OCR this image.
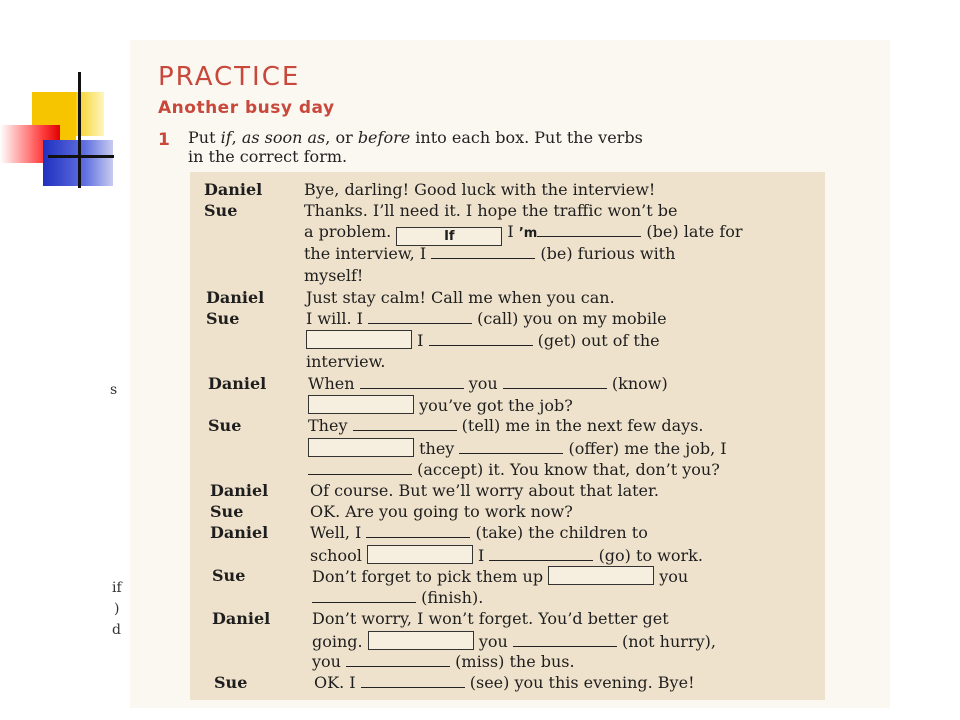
s
if
)
d
PRACTICE
Another busy day
1 Put if, as soon as, or before into each box. Put the verbs
in the correct form.
Daniel	Bye, darling! Good luck with the interview!
Sue	Thanks. I’ll need it. I hope the traffic won’t be
a problem.	If	I ’m	(be) late for
the interview, I	(be) furious with
myself!
Daniel	Just stay calm! Call me when you can.
Sue	I will. I	(call) you on my mobile
I	(get) out of the
interview.
Daniel	When	you	(know)
you’ve got the job?
Sue	They	(tell) me in the next few days.
they	(offer) me the job, I
(accept) it. You know that, don’t you?
Daniel	Of course. But we’ll worry about that later.
Sue	OK. Are you going to work now?
Daniel	Well, I	(take) the children to
school	I	(go) to work.
Sue	Don’t forget to pick them up	you
(finish).
Daniel	Don’t worry, I won’t forget. You’d better get
going.	you	(not hurry),
you	(miss) the bus.
Sue	OK. I	(see) you this evening. Bye!
